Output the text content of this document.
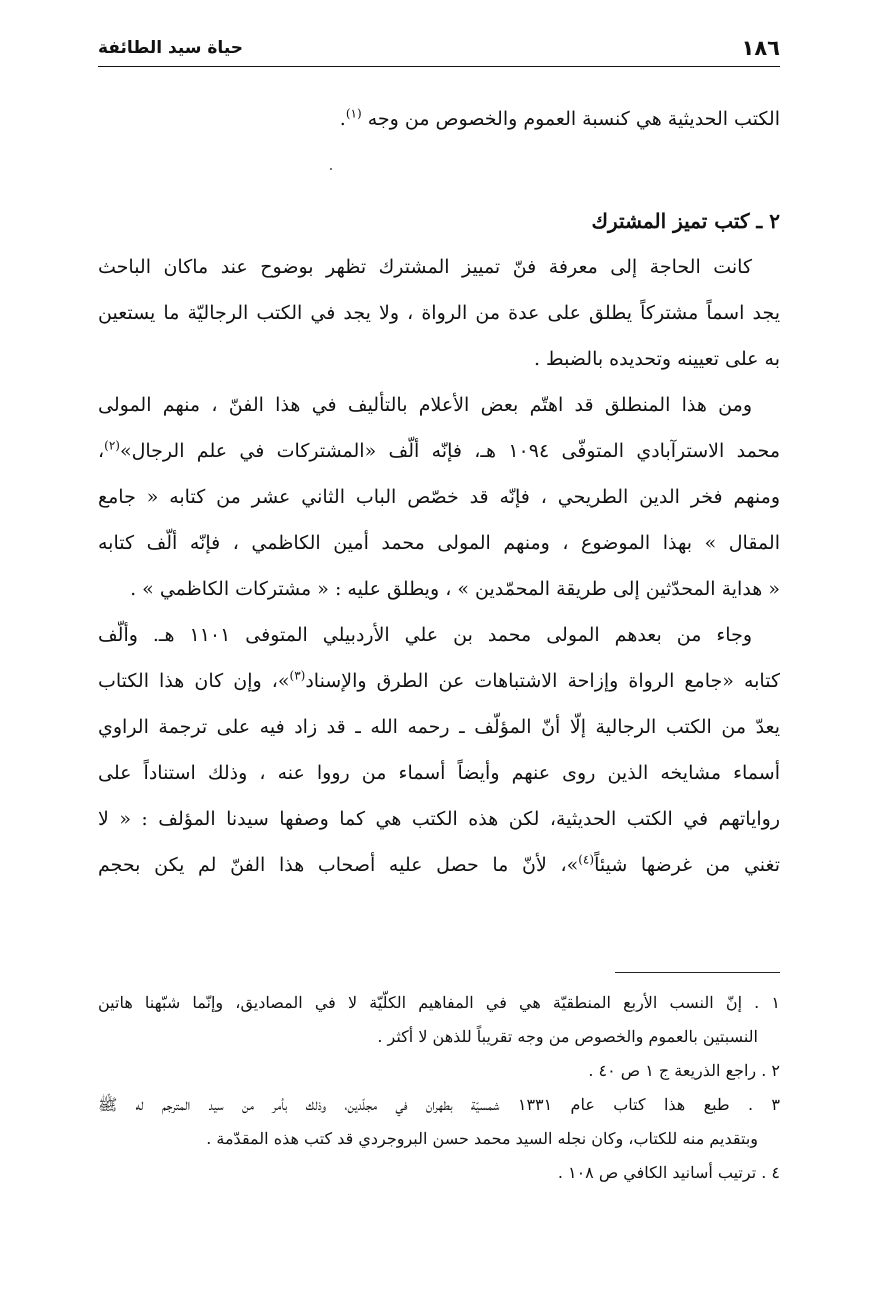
١٨٦
حياة سيد الطائفة
الكتب الحديثية هي كنسبة العموم والخصوص من وجه $^{(١)}$.
٢ ـ كتب تميز المشترك
كانت الحاجة إلى معرفة فنّ تمييز المشترك تظهر بوضوح عند ماكان الباحث
يجد اسماً مشتركاً يطلق على عدة من الرواة ، ولا يجد في الكتب الرجاليّة ما يستعين
به على تعيينه وتحديده بالضبط .
ومن هذا المنطلق قد اهتّم بعض الأعلام بالتأليف في هذا الفنّ ، منهم المولى
محمد الاسترآبادي المتوفّى ١٠٩٤ هـ، فإنّه ألّف «المشتركات في علم الرجال»$^{(٢)}$،
ومنهم فخر الدين الطريحي ، فإنّه قد خصّص الباب الثاني عشر من كتابه « جامع
المقال » بهذا الموضوع ، ومنهم المولى محمد أمين الكاظمي ، فإنّه ألّف كتابه
« هداية المحدّثين إلى طريقة المحمّدين » ، ويطلق عليه : « مشتركات الكاظمي » .
وجاء من بعدهم المولى محمد بن علي الأردبيلي المتوفى ١١٠١ هـ. وألّف
كتابه «جامع الرواة وإزاحة الاشتباهات عن الطرق والإسناد$^{(٣)}$»، وإن كان هذا الكتاب
يعدّ من الكتب الرجالية إلّا أنّ المؤلّف ـ رحمه الله ـ قد زاد فيه على ترجمة الراوي
أسماء مشايخه الذين روى عنهم وأيضاً أسماء من رووا عنه ، وذلك استناداً على
رواياتهم في الكتب الحديثية، لكن هذه الكتب هي كما وصفها سيدنا المؤلف : « لا
تغني من غرضها شيئاً$^{(٤)}$»، لأنّ ما حصل عليه أصحاب هذا الفنّ لم يكن بحجم
١ . إنّ النسب الأربع المنطقيّة هي في المفاهيم الكلّيّة لا في المصاديق، وإنّما شبّهنا هاتين
النسبتين بالعموم والخصوص من وجه تقريباً للذهن لا أكثر .
٢ . راجع الذريعة ج ١ ص ٤٠ .
٣ . طبع هذا كتاب عام ١٣٣١ شمسيّة بطهران في مجلّدين، وذلك بأمر من سيد المترجم له ﷺ
وبتقديم منه للكتاب، وكان نجله السيد محمد حسن البروجردي قد كتب هذه المقدّمة .
٤ . ترتيب أسانيد الكافي ص ١٠٨ .
